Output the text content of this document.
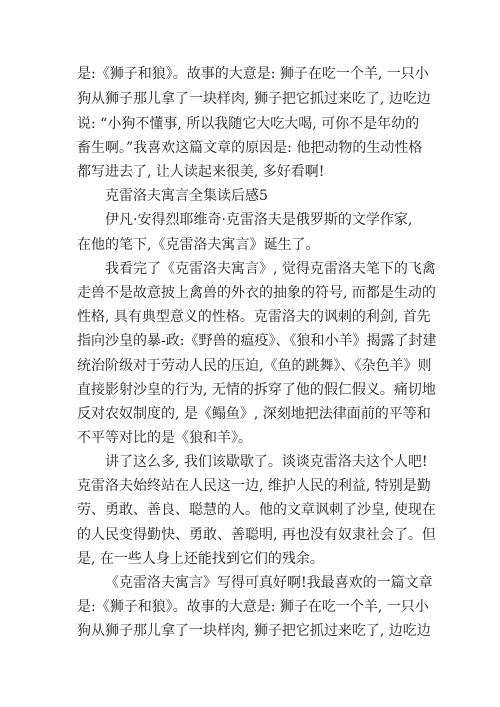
是:《狮子和狼》。故事的大意是: 狮子在吃一个羊, 一只小
狗从狮子那儿拿了一块样肉, 狮子把它抓过来吃了, 边吃边
说: “小狗不懂事, 所以我随它大吃大喝, 可你不是年幼的
畜生啊。”我喜欢这篇文章的原因是: 他把动物的生动性格
都写进去了, 让人读起来很美, 多好看啊!
克雷洛夫寓言全集读后感5
伊凡·安得烈耶维奇·克雷洛夫是俄罗斯的文学作家,
在他的笔下,《克雷洛夫寓言》诞生了。
我看完了《克雷洛夫寓言》, 觉得克雷洛夫笔下的飞禽
走兽不是故意披上禽兽的外衣的抽象的符号, 而都是生动的
性格, 具有典型意义的性格。克雷洛夫的讽刺的利剑, 首先
指向沙皇的暴-政:《野兽的瘟疫》、《狼和小羊》揭露了封建
统治阶级对于劳动人民的压迫,《鱼的跳舞》、《杂色羊》则
直接影射沙皇的行为, 无情的拆穿了他的假仁假义。痛切地
反对农奴制度的, 是《鳎鱼》, 深刻地把法律面前的平等和
不平等对比的是《狼和羊》。
讲了这么多, 我们该歇歇了。谈谈克雷洛夫这个人吧!
克雷洛夫始终站在人民这一边, 维护人民的利益, 特别是勤
劳、勇敢、善良、聪慧的人。他的文章讽刺了沙皇, 使现在
的人民变得勤快、勇敢、善聪明, 再也没有奴隶社会了。但
是, 在一些人身上还能找到它们的残余。
《克雷洛夫寓言》写得可真好啊!我最喜欢的一篇文章
是:《狮子和狼》。故事的大意是: 狮子在吃一个羊, 一只小
狗从狮子那儿拿了一块样肉, 狮子把它抓过来吃了, 边吃边
